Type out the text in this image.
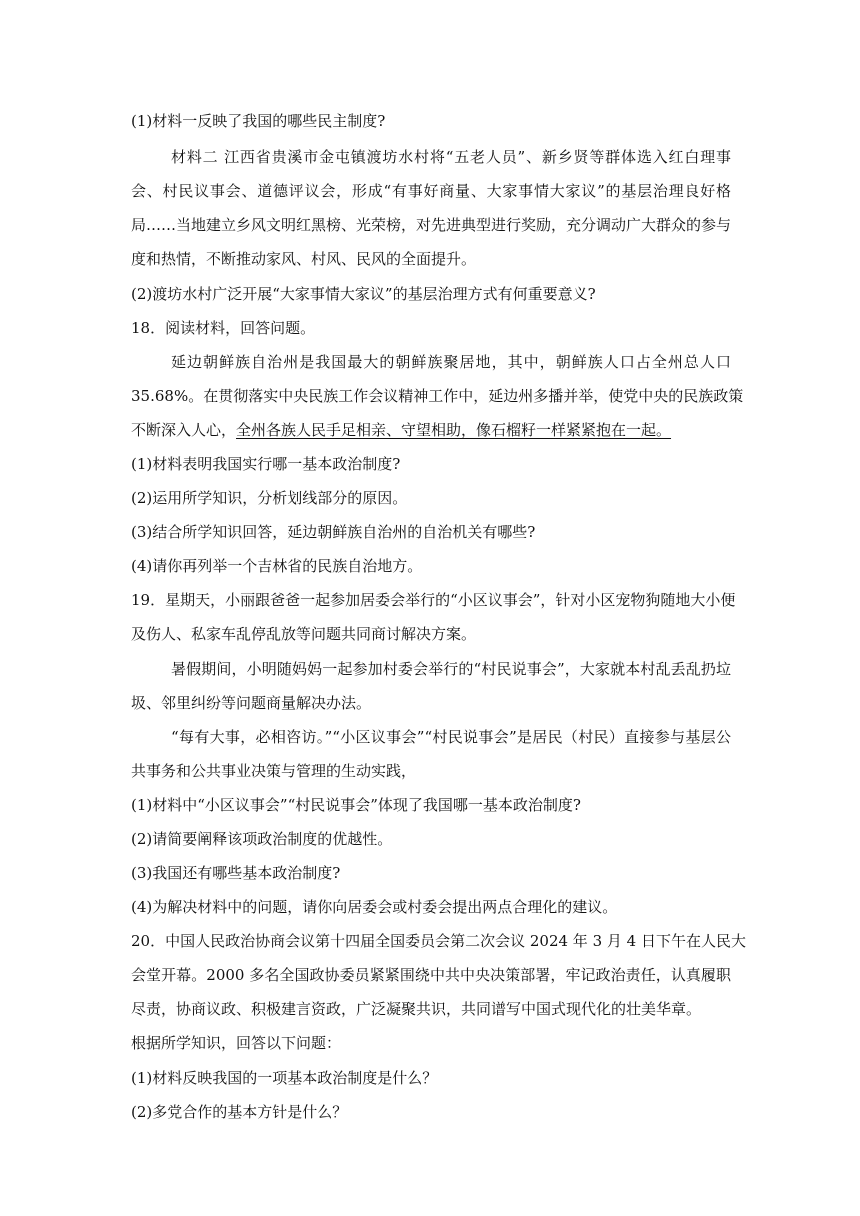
(1)材料一反映了我国的哪些民主制度?
材料二 江西省贵溪市金屯镇渡坊水村将“五老人员”、新乡贤等群体选入红白理事
会、村民议事会、道德评议会，形成“有事好商量、大家事情大家议”的基层治理良好格
局……当地建立乡风文明红黑榜、光荣榜，对先进典型进行奖励，充分调动广大群众的参与
度和热情，不断推动家风、村风、民风的全面提升。
(2)渡坊水村广泛开展“大家事情大家议”的基层治理方式有何重要意义?
18．阅读材料，回答问题。
延边朝鲜族自治州是我国最大的朝鲜族聚居地，其中，朝鲜族人口占全州总人口
35.68%。在贯彻落实中央民族工作会议精神工作中，延边州多播并举，使党中央的民族政策
不断深入人心，全州各族人民手足相亲、守望相助，像石榴籽一样紧紧抱在一起。
(1)材料表明我国实行哪一基本政治制度?
(2)运用所学知识，分析划线部分的原因。
(3)结合所学知识回答，延边朝鲜族自治州的自治机关有哪些?
(4)请你再列举一个吉林省的民族自治地方。
19．星期天，小丽跟爸爸一起参加居委会举行的“小区议事会”，针对小区宠物狗随地大小便
及伤人、私家车乱停乱放等问题共同商讨解决方案。
暑假期间，小明随妈妈一起参加村委会举行的“村民说事会”，大家就本村乱丢乱扔垃
圾、邻里纠纷等问题商量解决办法。
“每有大事，必相咨访。”“小区议事会”“村民说事会”是居民（村民）直接参与基层公
共事务和公共事业决策与管理的生动实践，
(1)材料中“小区议事会”“村民说事会”体现了我国哪一基本政治制度?
(2)请简要阐释该项政治制度的优越性。
(3)我国还有哪些基本政治制度?
(4)为解决材料中的问题，请你向居委会或村委会提出两点合理化的建议。
20．中国人民政治协商会议第十四届全国委员会第二次会议 2024 年 3 月 4 日下午在人民大
会堂开幕。2000 多名全国政协委员紧紧围绕中共中央决策部署，牢记政治责任，认真履职
尽责，协商议政、积极建言资政，广泛凝聚共识，共同谱写中国式现代化的壮美华章。
根据所学知识，回答以下问题：
(1)材料反映我国的一项基本政治制度是什么？
(2)多党合作的基本方针是什么？
